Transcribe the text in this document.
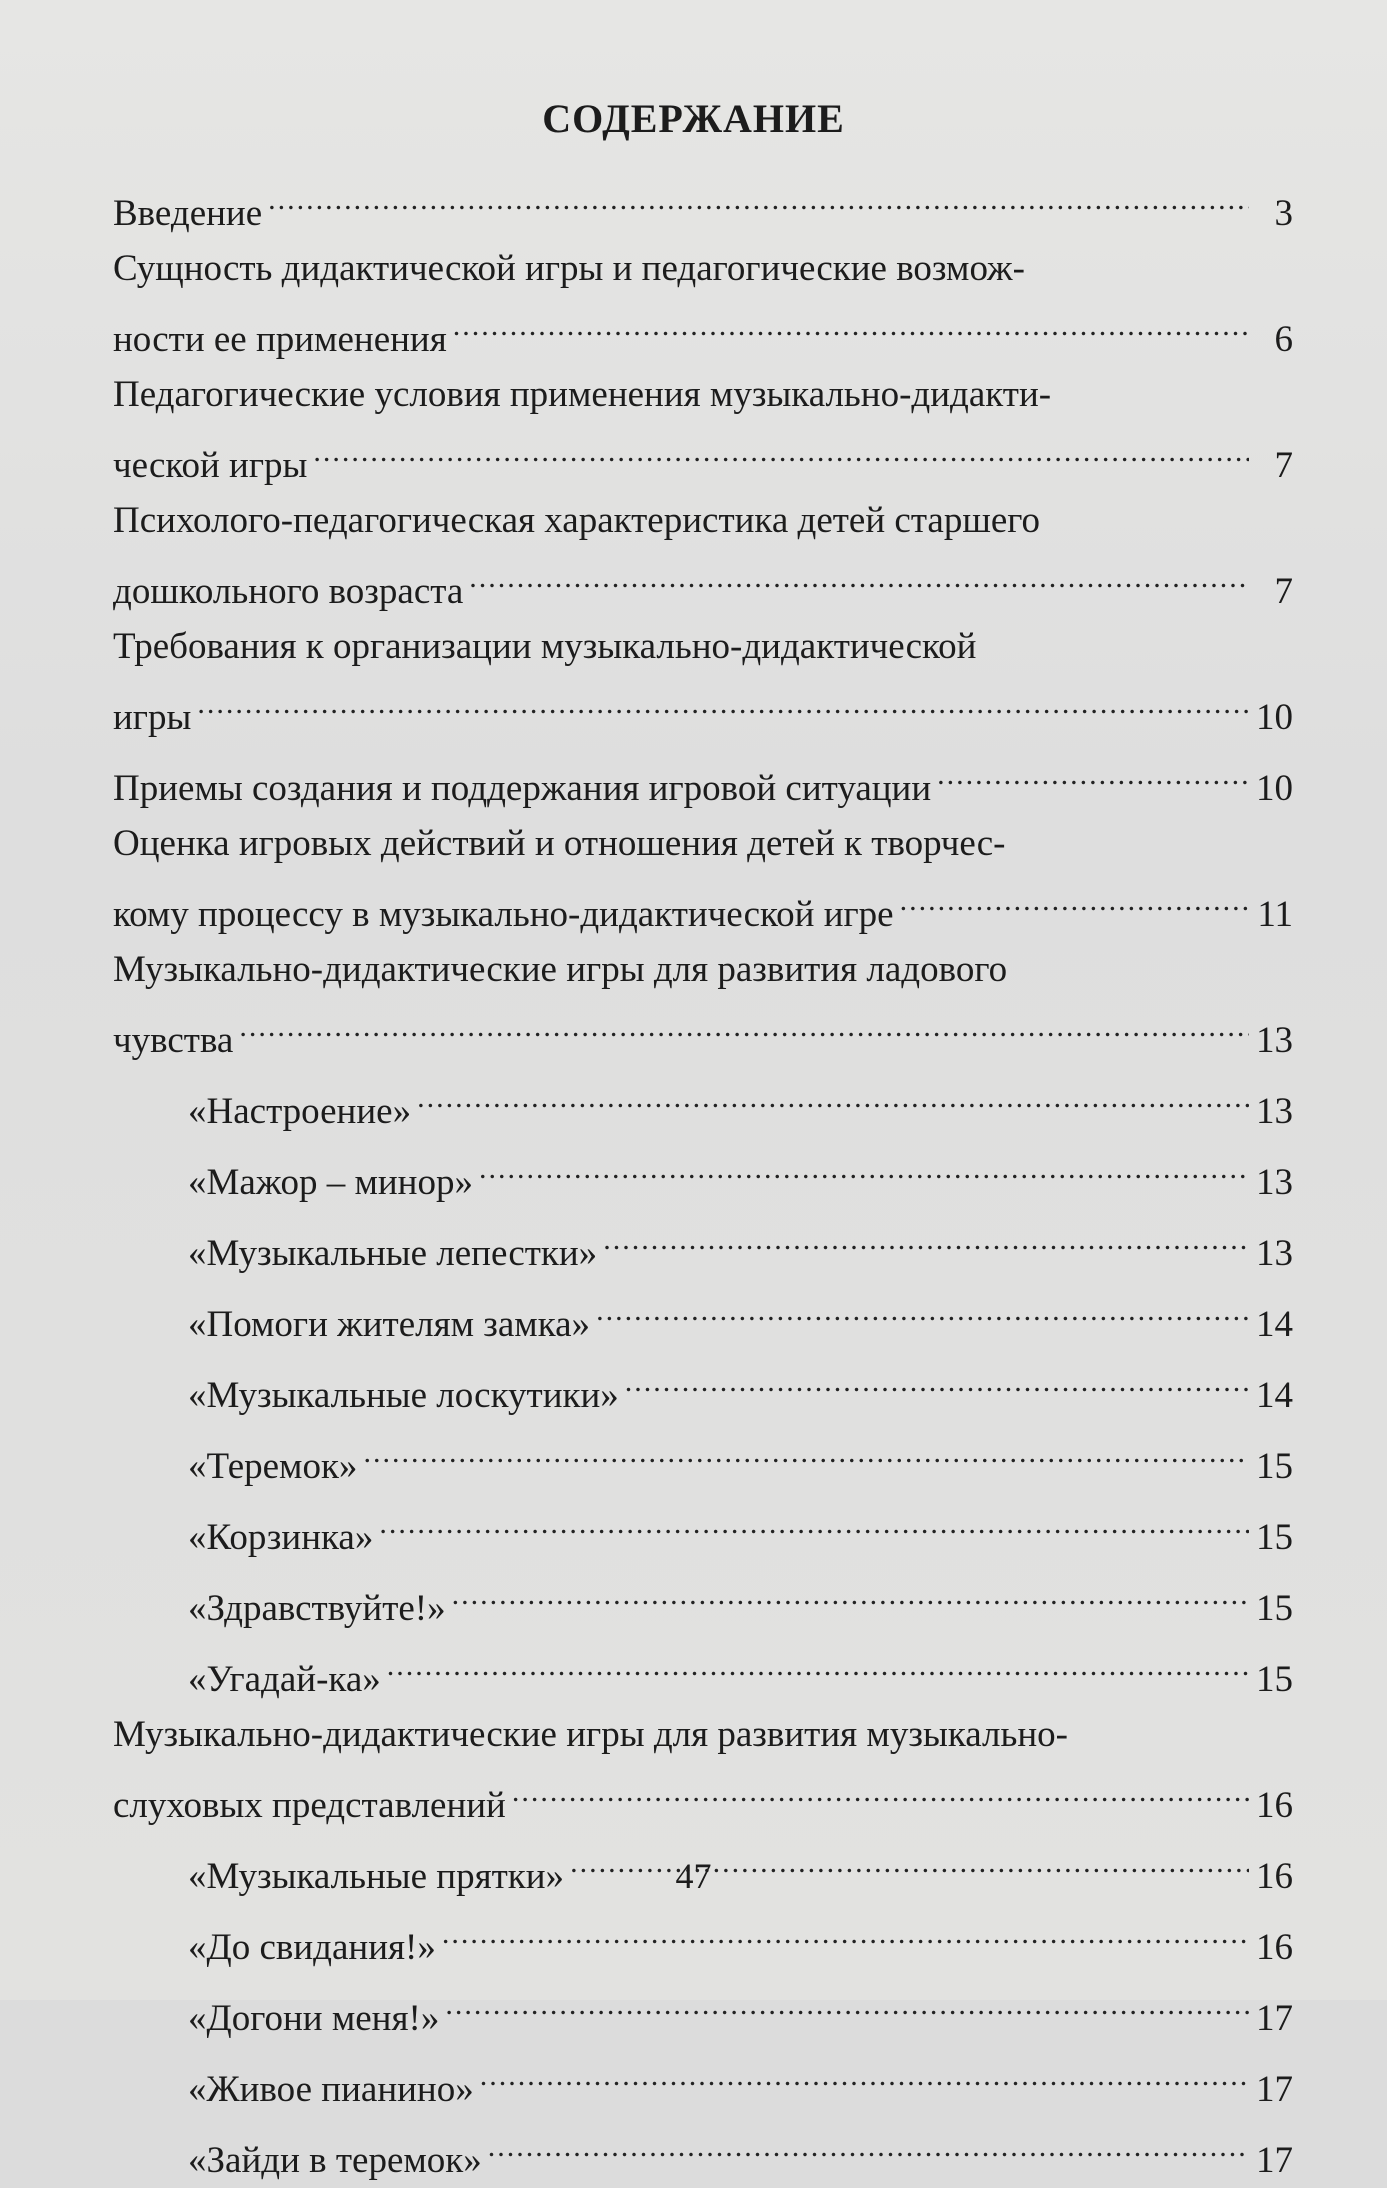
СОДЕРЖАНИЕ
Введение .....	3
Сущность дидактической игры и педагогические возмож-
ности ее применения .....	6
Педагогические условия применения музыкально-дидакти-
ческой игры .....	7
Психолого-педагогическая характеристика детей старшего
дошкольного возраста .....	7
Требования к организации музыкально-дидактической
игры .....	10
Приемы создания и поддержания игровой ситуации .....	10
Оценка игровых действий и отношения детей к творчес-
кому процессу в музыкально-дидактической игре .....	11
Музыкально-дидактические игры для развития ладового
чувства .....	13
«Настроение» .....	13
«Мажор – минор» .....	13
«Музыкальные лепестки» .....	13
«Помоги жителям замка» .....	14
«Музыкальные лоскутики» .....	14
«Теремок» .....	15
«Корзинка» .....	15
«Здравствуйте!» .....	15
«Угадай-ка» .....	15
Музыкально-дидактические игры для развития музыкально-
слуховых представлений .....	16
«Музыкальные прятки» .....	16
«До свидания!» .....	16
«Догони меня!» .....	17
«Живое пианино» .....	17
«Зайди в теремок» .....	17
47
